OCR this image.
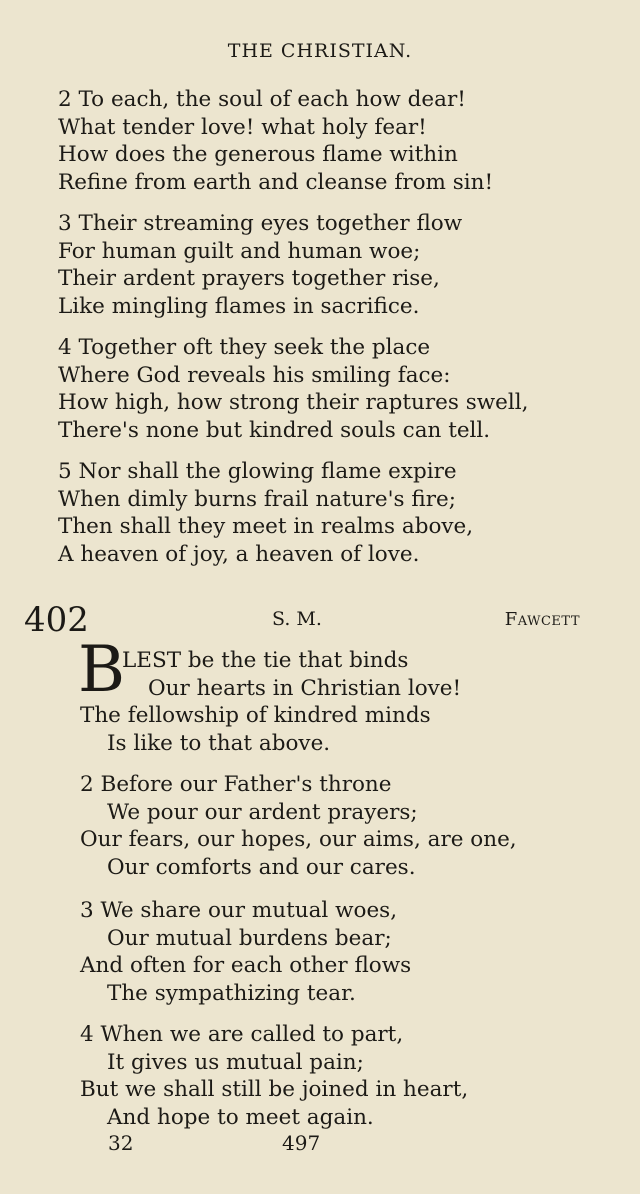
THE CHRISTIAN.
2 To each, the soul of each how dear!
What tender love! what holy fear!
How does the generous flame within
Refine from earth and cleanse from sin!
3 Their streaming eyes together flow
For human guilt and human woe;
Their ardent prayers together rise,
Like mingling flames in sacrifice.
4 Together oft they seek the place
Where God reveals his smiling face:
How high, how strong their raptures swell,
There's none but kindred souls can tell.
5 Nor shall the glowing flame expire
When dimly burns frail nature's fire;
Then shall they meet in realms above,
A heaven of joy, a heaven of love.
402	S. M.	Fawcett
B
LEST be the tie that binds
Our hearts in Christian love!
The fellowship of kindred minds
Is like to that above.
2 Before our Father's throne
We pour our ardent prayers;
Our fears, our hopes, our aims, are one,
Our comforts and our cares.
3 We share our mutual woes,
Our mutual burdens bear;
And often for each other flows
The sympathizing tear.
4 When we are called to part,
It gives us mutual pain;
But we shall still be joined in heart,
And hope to meet again.
32	497
